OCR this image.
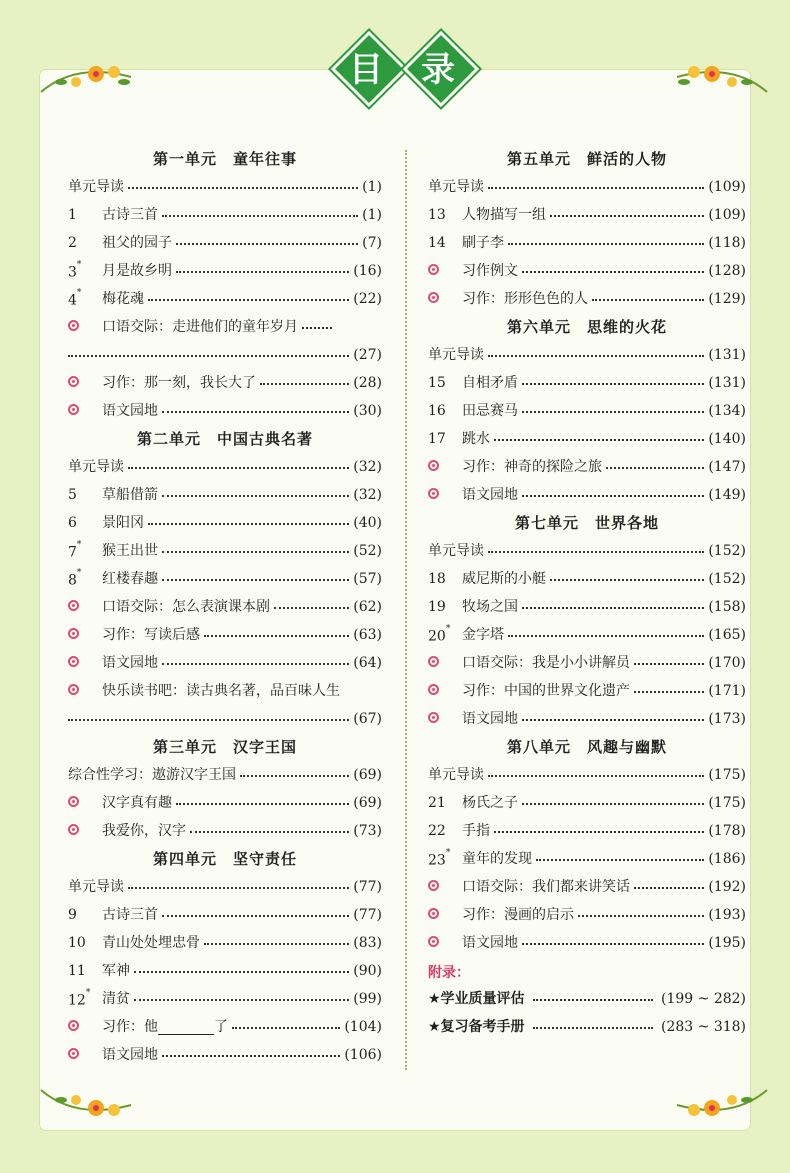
目	录
第一单元　童年往事
单元导读	(1)
1	古诗三首	(1)
2	祖父的园子	(7)
3*	月是故乡明	(16)
4*	梅花魂	(22)
口语交际：走进他们的童年岁月
(27)
习作：那一刻，我长大了	(28)
语文园地	(30)
第二单元　中国古典名著
单元导读	(32)
5	草船借箭	(32)
6	景阳冈	(40)
7*	猴王出世	(52)
8*	红楼春趣	(57)
口语交际：怎么表演课本剧	(62)
习作：写读后感	(63)
语文园地	(64)
快乐读书吧：读古典名著，品百味人生
(67)
第三单元　汉字王国
综合性学习：遨游汉字王国	(69)
汉字真有趣	(69)
我爱你，汉字	(73)
第四单元　坚守责任
单元导读	(77)
9	古诗三首	(77)
10	青山处处埋忠骨	(83)
11	军神	(90)
12* 清贫	(99)
习作：他	了	(104)
语文园地	(106)
第五单元　鲜活的人物
单元导读	(109)
13	人物描写一组	(109)
14	刷子李	(118)
习作例文	(128)
习作：形形色色的人	(129)
第六单元　思维的火花
单元导读	(131)
15	自相矛盾	(131)
16	田忌赛马	(134)
17	跳水	(140)
习作：神奇的探险之旅	(147)
语文园地	(149)
第七单元　世界各地
单元导读	(152)
18	威尼斯的小艇	(152)
19	牧场之国	(158)
20* 金字塔	(165)
口语交际：我是小小讲解员	(170)
习作：中国的世界文化遗产	(171)
语文园地	(173)
第八单元　风趣与幽默
单元导读	(175)
21	杨氏之子	(175)
22	手指	(178)
23* 童年的发现	(186)
口语交际：我们都来讲笑话	(192)
习作：漫画的启示	(193)
语文园地	(195)
附录：
★学业质量评估	(199 ~ 282)
★复习备考手册	(283 ~ 318)
